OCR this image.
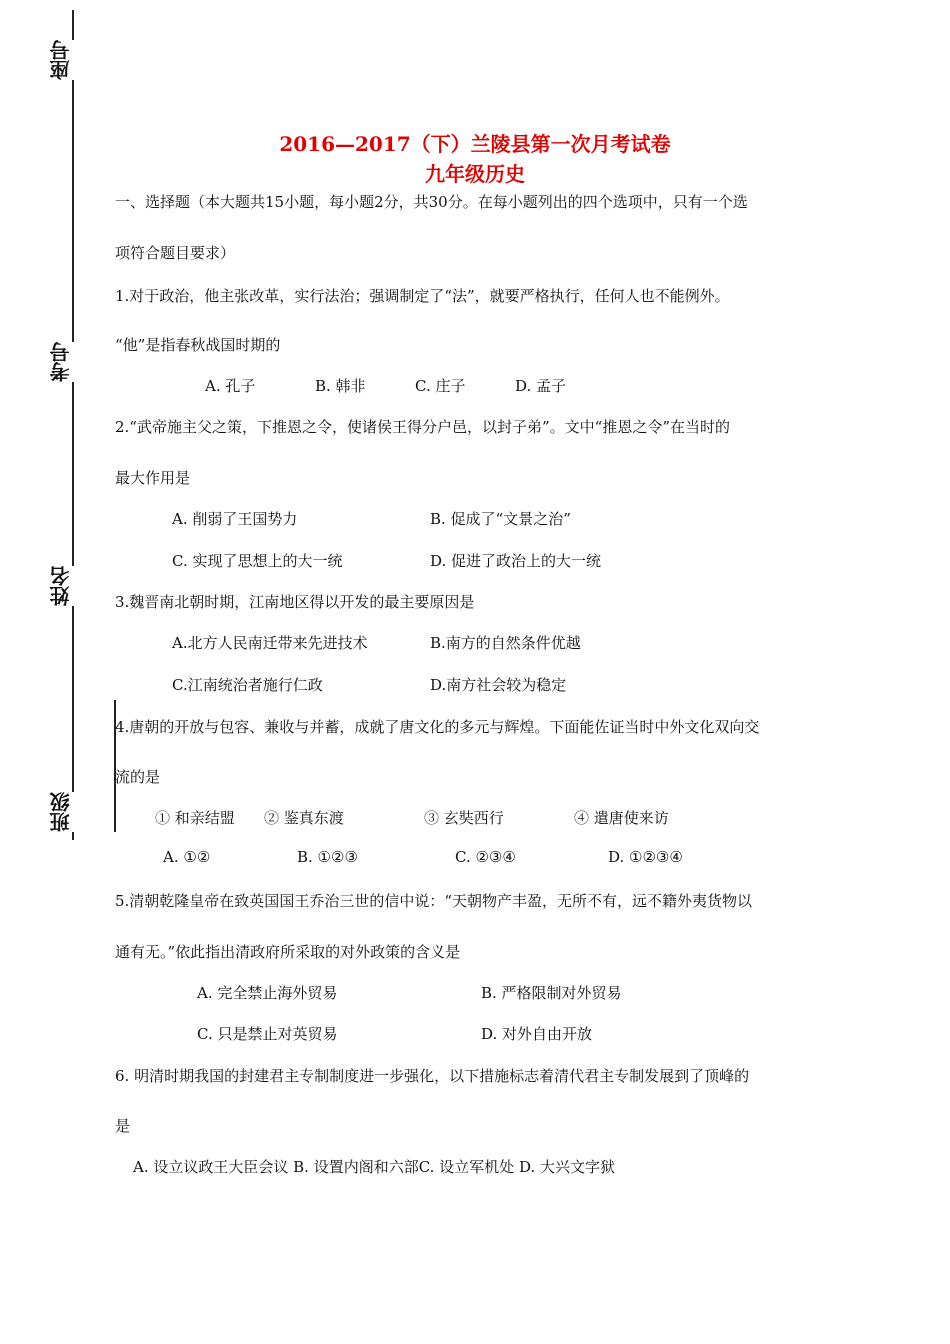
座号
考号
姓名
班级
2016—2017（下）兰陵县第一次月考试卷
九年级历史
一、选择题（本大题共15小题，每小题2分，共30分。在每小题列出的四个选项中，只有一个选
项符合题目要求）
1.对于政治，他主张改革，实行法治；强调制定了“法”，就要严格执行，任何人也不能例外。
“他”是指春秋战国时期的
A. 孔子	B. 韩非	C. 庄子	D. 孟子
2.“武帝施主父之策，下推恩之令，使诸侯王得分户邑，以封子弟”。文中“推恩之令”在当时的
最大作用是
A. 削弱了王国势力	B. 促成了“文景之治”
C. 实现了思想上的大一统	D. 促进了政治上的大一统
3.魏晋南北朝时期，江南地区得以开发的最主要原因是
A.北方人民南迁带来先进技术	B.南方的自然条件优越
C.江南统治者施行仁政	D.南方社会较为稳定
4.唐朝的开放与包容、兼收与并蓄，成就了唐文化的多元与辉煌。下面能佐证当时中外文化双向交
流的是
① 和亲结盟 ② 鉴真东渡	③ 玄奘西行	④ 遣唐使来访
A. ①②	B. ①②③	C. ②③④	D. ①②③④
5.清朝乾隆皇帝在致英国国王乔治三世的信中说：“天朝物产丰盈，无所不有，远不籍外夷货物以
通有无。”依此指出清政府所采取的对外政策的含义是
A. 完全禁止海外贸易	B. 严格限制对外贸易
C. 只是禁止对英贸易	D. 对外自由开放
6. 明清时期我国的封建君主专制制度进一步强化，以下措施标志着清代君主专制发展到了顶峰的
是
A. 设立议政王大臣会议 B. 设置内阁和六部C. 设立军机处 D. 大兴文字狱
